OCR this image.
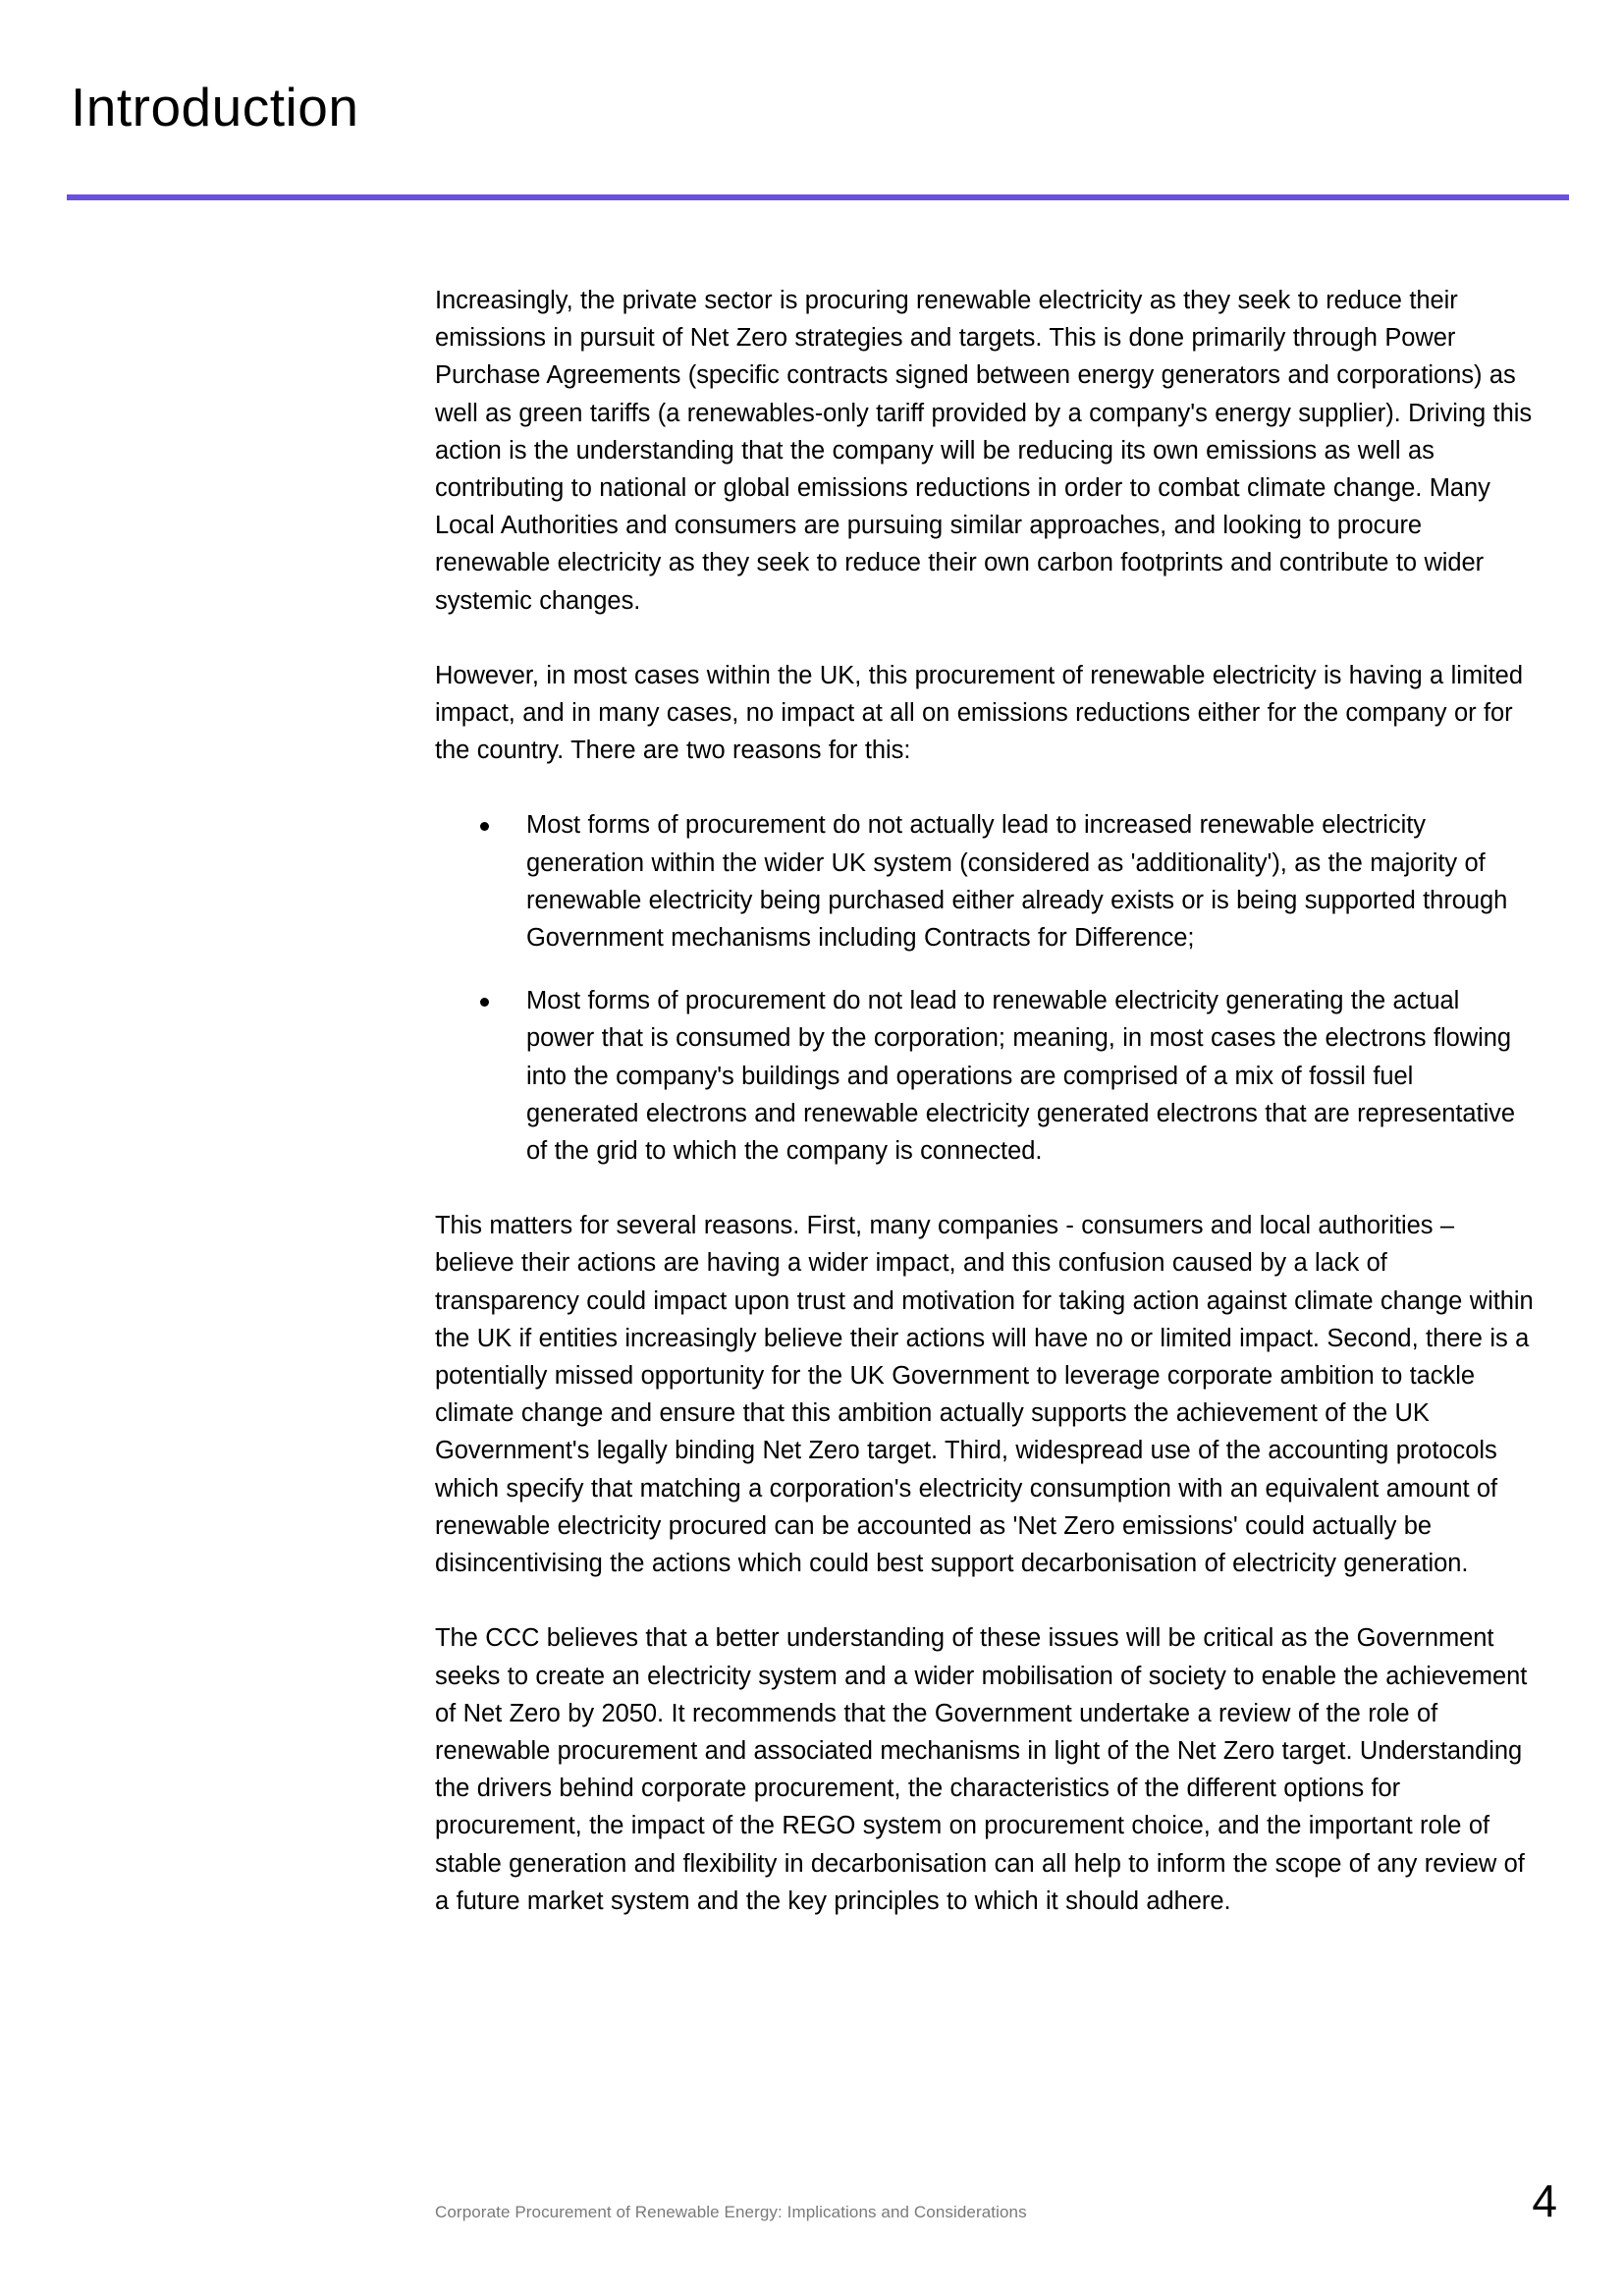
Introduction

Increasingly, the private sector is procuring renewable electricity as they seek to reduce their emissions in pursuit of Net Zero strategies and targets. This is done primarily through Power Purchase Agreements (specific contracts signed between energy generators and corporations) as well as green tariffs (a renewables-only tariff provided by a company's energy supplier). Driving this action is the understanding that the company will be reducing its own emissions as well as contributing to national or global emissions reductions in order to combat climate change. Many Local Authorities and consumers are pursuing similar approaches, and looking to procure renewable electricity as they seek to reduce their own carbon footprints and contribute to wider systemic changes.

However, in most cases within the UK, this procurement of renewable electricity is having a limited impact, and in many cases, no impact at all on emissions reductions either for the company or for the country. There are two reasons for this:

Most forms of procurement do not actually lead to increased renewable electricity generation within the wider UK system (considered as 'additionality'), as the majority of renewable electricity being purchased either already exists or is being supported through Government mechanisms including Contracts for Difference;
Most forms of procurement do not lead to renewable electricity generating the actual power that is consumed by the corporation; meaning, in most cases the electrons flowing into the company's buildings and operations are comprised of a mix of fossil fuel generated electrons and renewable electricity generated electrons that are representative of the grid to which the company is connected.

This matters for several reasons. First, many companies - consumers and local authorities – believe their actions are having a wider impact, and this confusion caused by a lack of transparency could impact upon trust and motivation for taking action against climate change within the UK if entities increasingly believe their actions will have no or limited impact. Second, there is a potentially missed opportunity for the UK Government to leverage corporate ambition to tackle climate change and ensure that this ambition actually supports the achievement of the UK Government's legally binding Net Zero target. Third, widespread use of the accounting protocols which specify that matching a corporation's electricity consumption with an equivalent amount of renewable electricity procured can be accounted as 'Net Zero emissions' could actually be disincentivising the actions which could best support decarbonisation of electricity generation.

The CCC believes that a better understanding of these issues will be critical as the Government seeks to create an electricity system and a wider mobilisation of society to enable the achievement of Net Zero by 2050. It recommends that the Government undertake a review of the role of renewable procurement and associated mechanisms in light of the Net Zero target. Understanding the drivers behind corporate procurement, the characteristics of the different options for procurement, the impact of the REGO system on procurement choice, and the important role of stable generation and flexibility in decarbonisation can all help to inform the scope of any review of a future market system and the key principles to which it should adhere.

Corporate Procurement of Renewable Energy: Implications and Considerations	4
